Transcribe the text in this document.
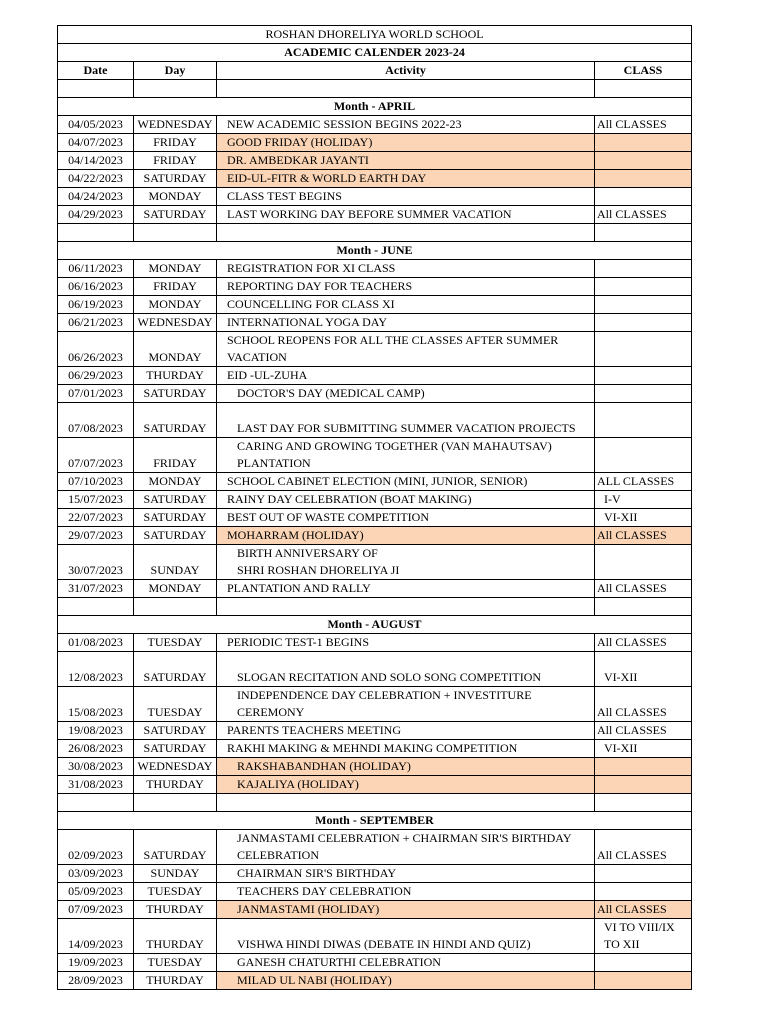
ROSHAN DHORELIYA WORLD SCHOOL			
ACADEMIC CALENDER 2023-24			
Date	Day	Activity	CLASS

Month - APRIL			
04/05/2023	WEDNESDAY	NEW ACADEMIC SESSION BEGINS 2022-23	All CLASSES
04/07/2023	FRIDAY	GOOD FRIDAY (HOLIDAY)	
04/14/2023	FRIDAY	DR. AMBEDKAR JAYANTI	
04/22/2023	SATURDAY	EID-UL-FITR & WORLD EARTH DAY	
04/24/2023	MONDAY	CLASS TEST BEGINS	
04/29/2023	SATURDAY	LAST WORKING DAY BEFORE SUMMER VACATION	All CLASSES

Month - JUNE			
06/11/2023	MONDAY	REGISTRATION FOR XI CLASS	
06/16/2023	FRIDAY	REPORTING DAY FOR TEACHERS	
06/19/2023	MONDAY	COUNCELLING FOR CLASS XI	
06/21/2023	WEDNESDAY	INTERNATIONAL YOGA DAY	
06/26/2023	MONDAY	SCHOOL REOPENS FOR ALL THE CLASSES AFTER SUMMER VACATION	
06/29/2023	THURDAY	EID -UL-ZUHA	
07/01/2023	SATURDAY	DOCTOR'S DAY (MEDICAL CAMP)	
07/08/2023	SATURDAY	LAST DAY FOR SUBMITTING SUMMER VACATION PROJECTS	
07/07/2023	FRIDAY	CARING AND GROWING TOGETHER (VAN MAHAUTSAV) PLANTATION	
07/10/2023	MONDAY	SCHOOL CABINET ELECTION (MINI, JUNIOR, SENIOR)	ALL CLASSES
15/07/2023	SATURDAY	RAINY DAY CELEBRATION (BOAT MAKING)	I-V
22/07/2023	SATURDAY	BEST OUT OF WASTE COMPETITION	VI-XII
29/07/2023	SATURDAY	MOHARRAM (HOLIDAY)	All CLASSES
30/07/2023	SUNDAY	BIRTH ANNIVERSARY OF
SHRI ROSHAN DHORELIYA JI	

31/07/2023	MONDAY	PLANTATION AND RALLY	All CLASSES

Month - AUGUST			
01/08/2023	TUESDAY	PERIODIC TEST-1 BEGINS	All CLASSES
12/08/2023	SATURDAY	SLOGAN RECITATION AND SOLO SONG COMPETITION	VI-XII
15/08/2023	TUESDAY	INDEPENDENCE DAY CELEBRATION + INVESTITURE CEREMONY	All CLASSES
19/08/2023	SATURDAY	PARENTS TEACHERS MEETING	All CLASSES
26/08/2023	SATURDAY	RAKHI MAKING & MEHNDI MAKING COMPETITION	VI-XII
30/08/2023	WEDNESDAY	RAKSHABANDHAN (HOLIDAY)	
31/08/2023	THURDAY	KAJALIYA (HOLIDAY)	

Month - SEPTEMBER			
02/09/2023	SATURDAY	JANMASTAMI CELEBRATION + CHAIRMAN SIR'S BIRTHDAY CELEBRATION	All CLASSES
03/09/2023	SUNDAY	CHAIRMAN SIR'S BIRTHDAY	
05/09/2023	TUESDAY	TEACHERS DAY CELEBRATION	
07/09/2023	THURDAY	JANMASTAMI (HOLIDAY)	All CLASSES
14/09/2023	THURDAY	VISHWA HINDI DIWAS (DEBATE IN HINDI AND QUIZ)	VI TO VIII/IX TO XII
19/09/2023	TUESDAY	GANESH CHATURTHI CELEBRATION	
28/09/2023	THURDAY	MILAD UL NABI (HOLIDAY)	
